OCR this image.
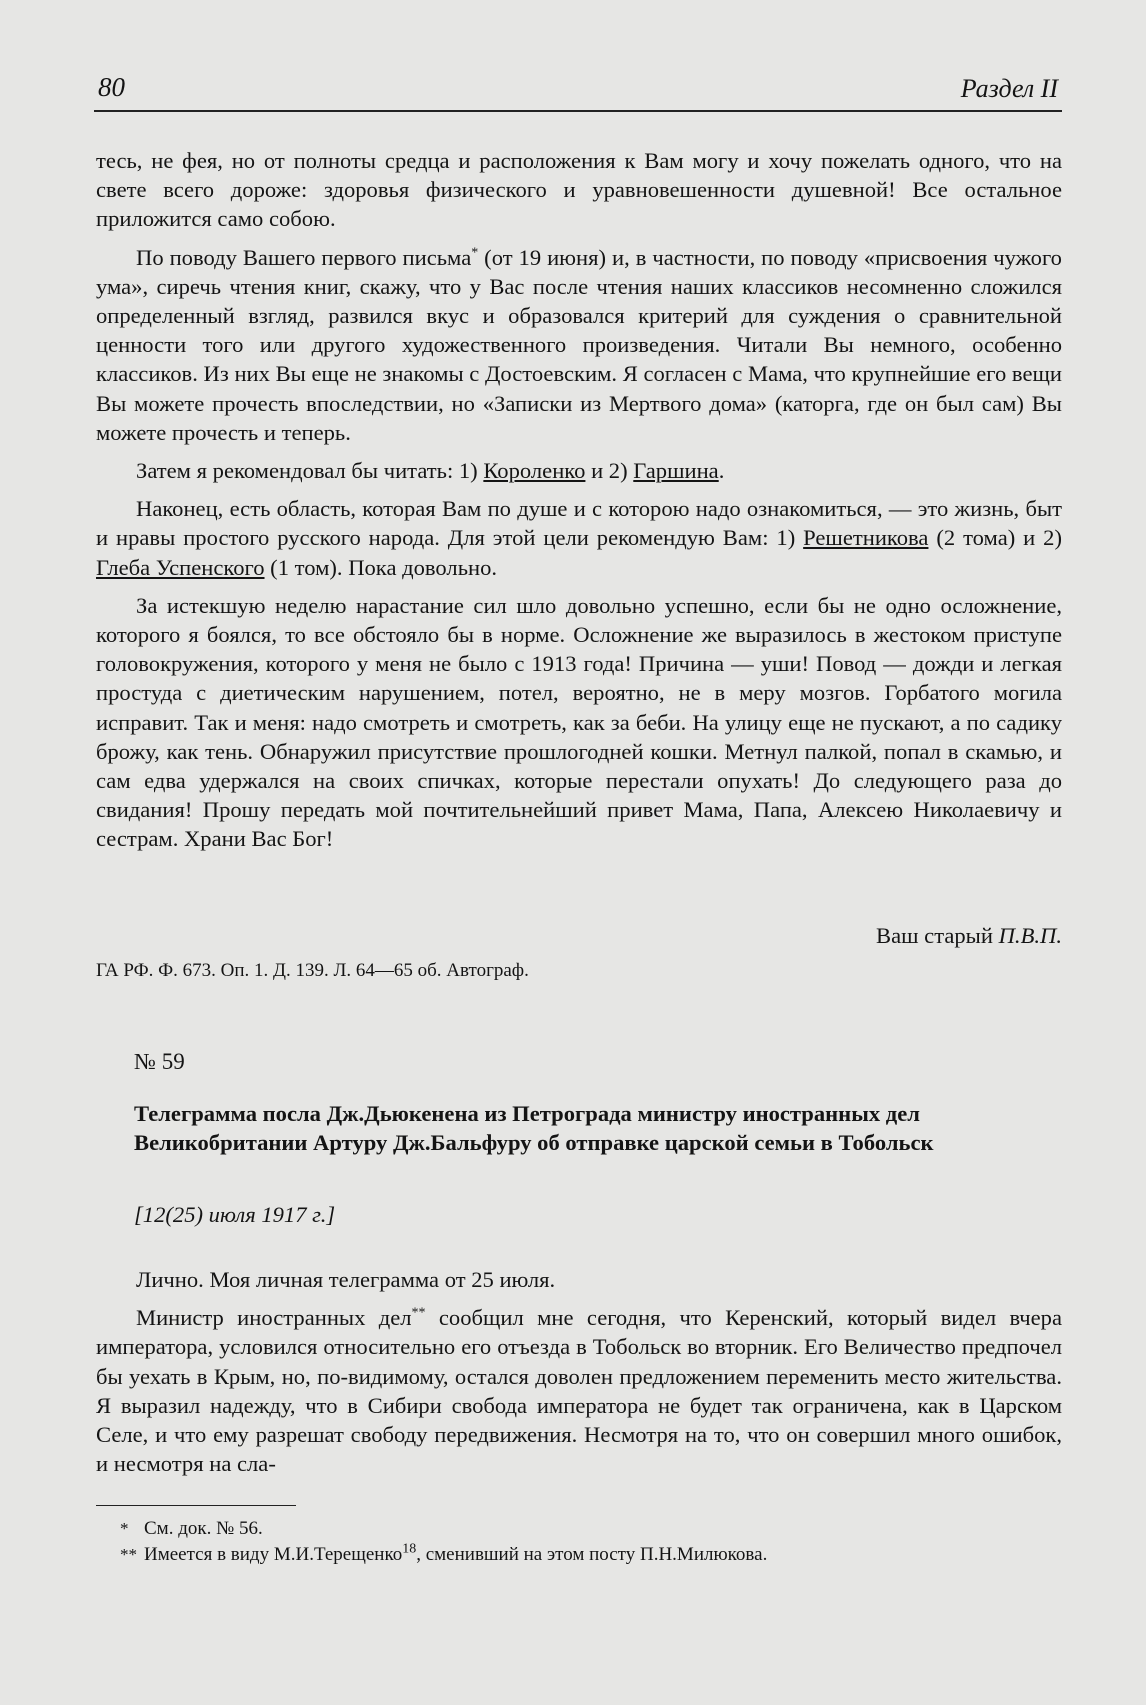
80	Раздел II

тесь, не фея, но от полноты средца и расположения к Вам могу и хочу пожелать одного, что на свете всего дороже: здоровья физического и уравновешенности душевной! Все остальное приложится само собою.

По поводу Вашего первого письма* (от 19 июня) и, в частности, по поводу «присвоения чужого ума», сиречь чтения книг, скажу, что у Вас после чтения наших классиков несомненно сложился определенный взгляд, развился вкус и образовался критерий для суждения о сравнительной ценности того или другого художественного произведения. Читали Вы немного, особенно классиков. Из них Вы еще не знакомы с Достоевским. Я согласен с Мама, что крупнейшие его вещи Вы можете прочесть впоследствии, но «Записки из Мертвого дома» (каторга, где он был сам) Вы можете прочесть и теперь.

Затем я рекомендовал бы читать: 1) Короленко и 2) Гаршина.

Наконец, есть область, которая Вам по душе и с которою надо ознакомиться, — это жизнь, быт и нравы простого русского народа. Для этой цели рекомендую Вам: 1) Решетникова (2 тома) и 2) Глеба Успенского (1 том). Пока довольно.

За истекшую неделю нарастание сил шло довольно успешно, если бы не одно осложнение, которого я боялся, то все обстояло бы в норме. Осложнение же выразилось в жестоком приступе головокружения, которого у меня не было с 1913 года! Причина — уши! Повод — дожди и легкая простуда с диетическим нарушением, потел, вероятно, не в меру мозгов. Горбатого могила исправит. Так и меня: надо смотреть и смотреть, как за беби. На улицу еще не пускают, а по садику брожу, как тень. Обнаружил присутствие прошлогодней кошки. Метнул палкой, попал в скамью, и сам едва удержался на своих спичках, которые перестали опухать! До следующего раза до свидания! Прошу передать мой почтительнейший привет Мама, Папа, Алексею Николаевичу и сестрам. Храни Вас Бог!

Ваш старый П.В.П.
ГА РФ. Ф. 673. Оп. 1. Д. 139. Л. 64—65 об. Автограф.
№ 59
Телеграмма посла Дж.Дьюкенена из Петрограда министру иностранных дел Великобритании Артуру Дж.Бальфуру об отправке царской семьи в Тобольск
[12(25) июля 1917 г.]

Лично. Моя личная телеграмма от 25 июля.

Министр иностранных дел** сообщил мне сегодня, что Керенский, который видел вчера императора, условился относительно его отъезда в Тобольск во вторник. Его Величество предпочел бы уехать в Крым, но, по-видимому, остался доволен предложением переменить место жительства. Я выразил надежду, что в Сибири свобода императора не будет так ограничена, как в Царском Селе, и что ему разрешат свободу передвижения. Несмотря на то, что он совершил много ошибок, и несмотря на сла-

* См. док. № 56.
** Имеется в виду М.И.Терещенко$^{18}$, сменивший на этом посту П.Н.Милюкова.
